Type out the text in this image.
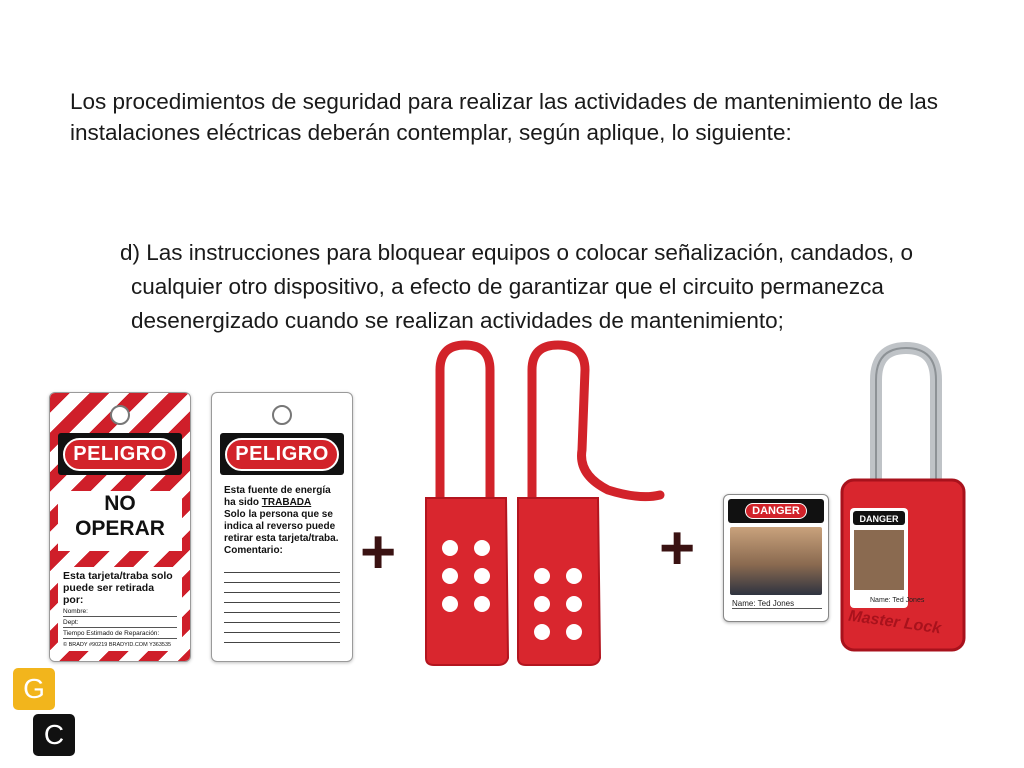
Los procedimientos de seguridad para realizar las actividades de mantenimiento de las instalaciones eléctricas deberán contemplar, según aplique, lo siguiente:

d) Las instrucciones para bloquear equipos o colocar señalización, candados, o cualquier otro dispositivo, a efecto de garantizar que el circuito permanezca desenergizado cuando se realizan actividades de mantenimiento;

PELIGRO
NO
OPERAR
Esta tarjeta/traba solo puede ser retirada por:
Nombre:
Dept:
Tiempo Estimado de Reparación:
© BRADY #90219 BRADYID.COM Y363535
PELIGRO
Esta fuente de energía ha sido TRABADA
Solo la persona que se indica al reverso puede retirar esta tarjeta/traba.
Comentario:	+	+
DANGER
Name: Ted Jones
DANGER
Name: Ted Jones
Master Lock
G
C
